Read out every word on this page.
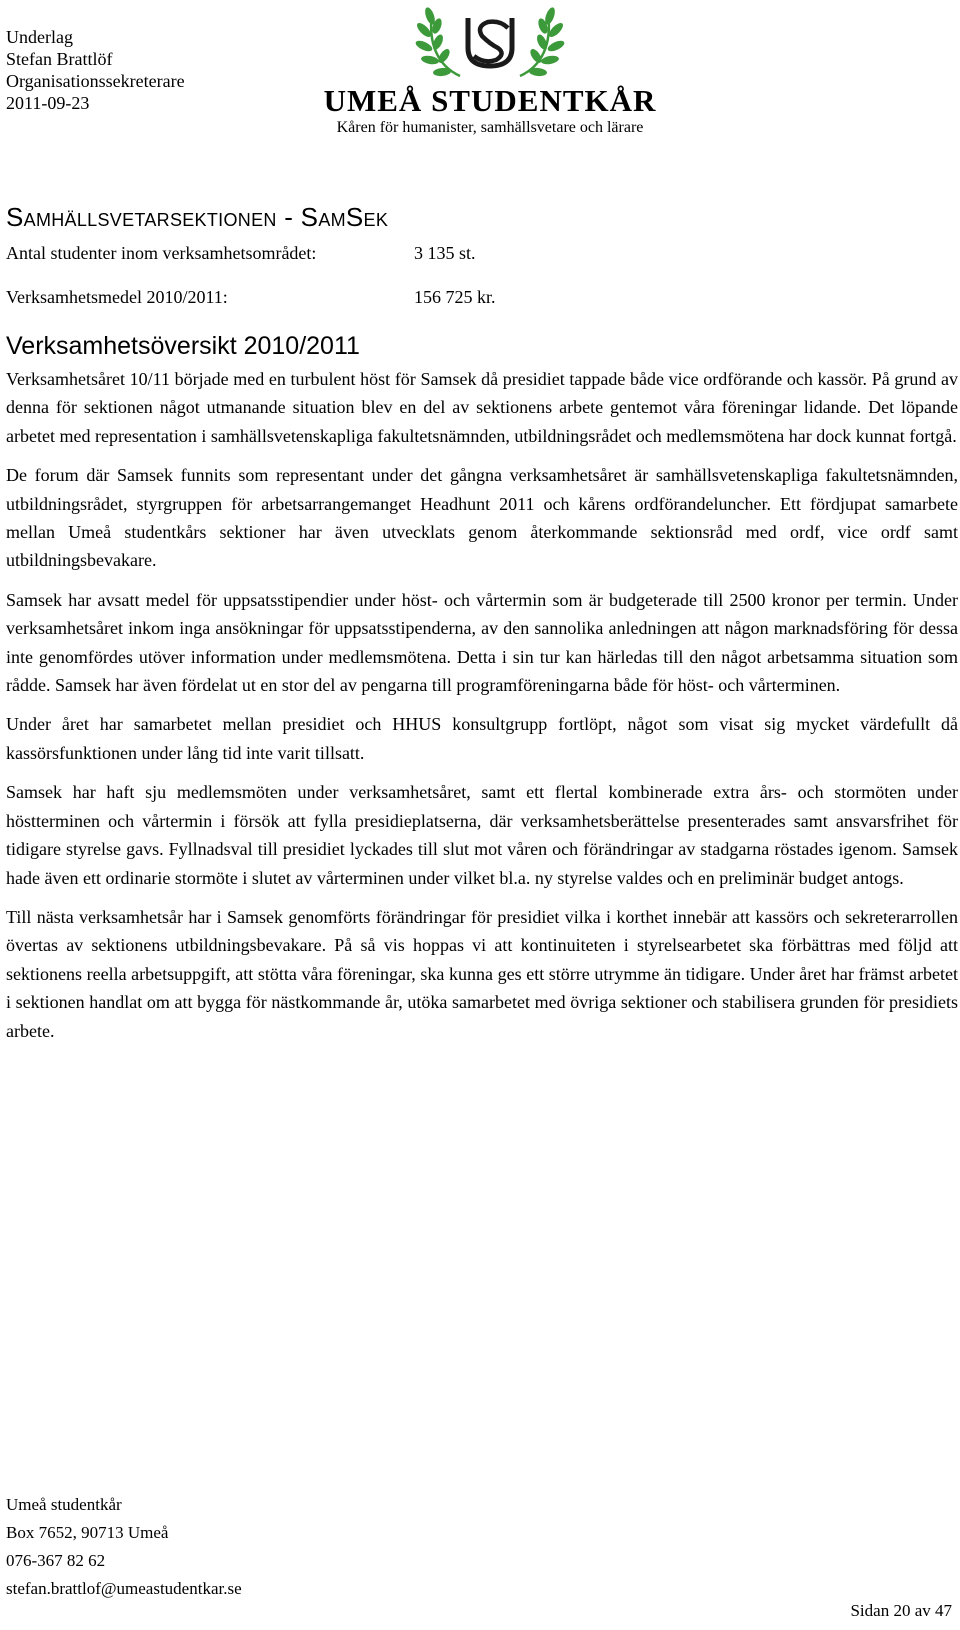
Underlag
Stefan Brattlöf
Organisationssekreterare
2011-09-23	UMEÅ STUDENTKÅR
Kåren för humanister, samhällsvetare och lärare
Samhällsvetarsektionen - SamSek
Antal studenter inom verksamhetsområdet:	3 135 st.
Verksamhetsmedel 2010/2011:	156 725 kr.
Verksamhetsöversikt 2010/2011

Verksamhetsåret 10/11 började med en turbulent höst för Samsek då presidiet tappade både vice ordförande och kassör. På grund av denna för sektionen något utmanande situation blev en del av sektionens arbete gentemot våra föreningar lidande. Det löpande arbetet med representation i samhällsvetenskapliga fakultetsnämnden, utbildningsrådet och medlemsmötena har dock kunnat fortgå.

De forum där Samsek funnits som representant under det gångna verksamhetsåret är samhällsvetenskapliga fakultetsnämnden, utbildningsrådet, styrgruppen för arbetsarrangemanget Headhunt 2011 och kårens ordförandeluncher. Ett fördjupat samarbete mellan Umeå studentkårs sektioner har även utvecklats genom återkommande sektionsråd med ordf, vice ordf samt utbildningsbevakare.

Samsek har avsatt medel för uppsatsstipendier under höst- och vårtermin som är budgeterade till 2500 kronor per termin. Under verksamhetsåret inkom inga ansökningar för uppsatsstipenderna, av den sannolika anledningen att någon marknadsföring för dessa inte genomfördes utöver information under medlemsmötena. Detta i sin tur kan härledas till den något arbetsamma situation som rådde. Samsek har även fördelat ut en stor del av pengarna till programföreningarna både för höst- och vårterminen.

Under året har samarbetet mellan presidiet och HHUS konsultgrupp fortlöpt, något som visat sig mycket värdefullt då kassörsfunktionen under lång tid inte varit tillsatt.

Samsek har haft sju medlemsmöten under verksamhetsåret, samt ett flertal kombinerade extra års- och stormöten under höstterminen och vårtermin i försök att fylla presidieplatserna, där verksamhetsberättelse presenterades samt ansvarsfrihet för tidigare styrelse gavs. Fyllnadsval till presidiet lyckades till slut mot våren och förändringar av stadgarna röstades igenom. Samsek hade även ett ordinarie stormöte i slutet av vårterminen under vilket bl.a. ny styrelse valdes och en preliminär budget antogs.

Till nästa verksamhetsår har i Samsek genomförts förändringar för presidiet vilka i korthet innebär att kassörs och sekreterarrollen övertas av sektionens utbildningsbevakare. På så vis hoppas vi att kontinuiteten i styrelsearbetet ska förbättras med följd att sektionens reella arbetsuppgift, att stötta våra föreningar, ska kunna ges ett större utrymme än tidigare. Under året har främst arbetet i sektionen handlat om att bygga för nästkommande år, utöka samarbetet med övriga sektioner och stabilisera grunden för presidiets arbete.

Umeå studentkår
Box 7652, 90713 Umeå
076-367 82 62
stefan.brattlof@umeastudentkar.se
Sidan 20 av 47
